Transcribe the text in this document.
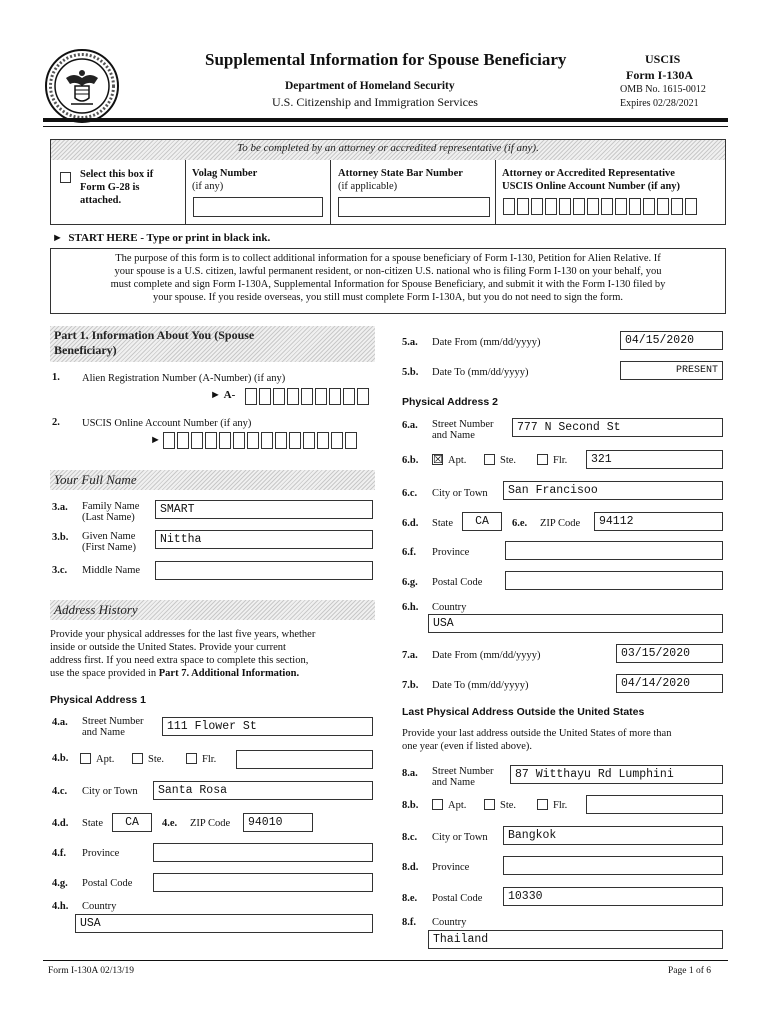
Supplemental Information for Spouse Beneficiary
Department of Homeland Security
U.S. Citizenship and Immigration Services
USCIS
Form I-130A
OMB No. 1615-0012
Expires 02/28/2021
To be completed by an attorney or accredited representative (if any).
Select this box if
Form G-28 is
attached.
Volag Number
(if any)
Attorney State Bar Number
(if applicable)
Attorney or Accredited Representative
USCIS Online Account Number (if any)
►  START HERE - Type or print in black ink.
The purpose of this form is to collect additional information for a spouse beneficiary of Form I-130, Petition for Alien Relative. If
your spouse is a U.S. citizen, lawful permanent resident, or non-citizen U.S. national who is filing Form I-130 on your behalf, you
must complete and sign Form I-130A, Supplemental Information for Spouse Beneficiary, and submit it with the Form I-130 filed by
your spouse. If you reside overseas, you still must complete Form I-130A, but you do not need to sign the form.
Part 1. Information About You (Spouse
Beneficiary)
1. Alien Registration Number (A-Number) (if any)
► A-
2. USCIS Online Account Number (if any)
►
Your Full Name
3.a. Family Name
(Last Name)
SMART
3.b. Given Name
(First Name)
Nittha
3.c. Middle Name
Address History
Provide your physical addresses for the last five years, whether
inside or outside the United States. Provide your current
address first. If you need extra space to complete this section,
use the space provided in Part 7. Additional Information.
Physical Address 1
4.a. Street Number
and Name	111 Flower St
4.b.	Apt.	Ste.	Flr.
4.c. City or Town	Santa Rosa
4.d. State	CA	4.e. ZIP Code	94010
4.f. Province
4.g. Postal Code
4.h. Country
USA
5.a. Date From (mm/dd/yyyy)	04/15/2020
5.b. Date To (mm/dd/yyyy)	PRESENT
Physical Address 2
6.a. Street Number
and Name
777 N Second St
6.b. ☒ Apt.	Ste.	Flr.	321
6.c. City or Town	San Francisoo
6.d. State	CA	6.e. ZIP Code	94112
6.f. Province
6.g. Postal Code
6.h. Country
USA
7.a. Date From (mm/dd/yyyy)	03/15/2020
7.b. Date To (mm/dd/yyyy)	04/14/2020
Last Physical Address Outside the United States
Provide your last address outside the United States of more than
one year (even if listed above).
8.a. Street Number
and Name
87 Witthayu Rd Lumphini
8.b.	Apt.	Ste.	Flr.
8.c. City or Town	Bangkok
8.d. Province
8.e. Postal Code	10330
8.f. Country
Thailand
Form I-130A 02/13/19	Page 1 of 6
